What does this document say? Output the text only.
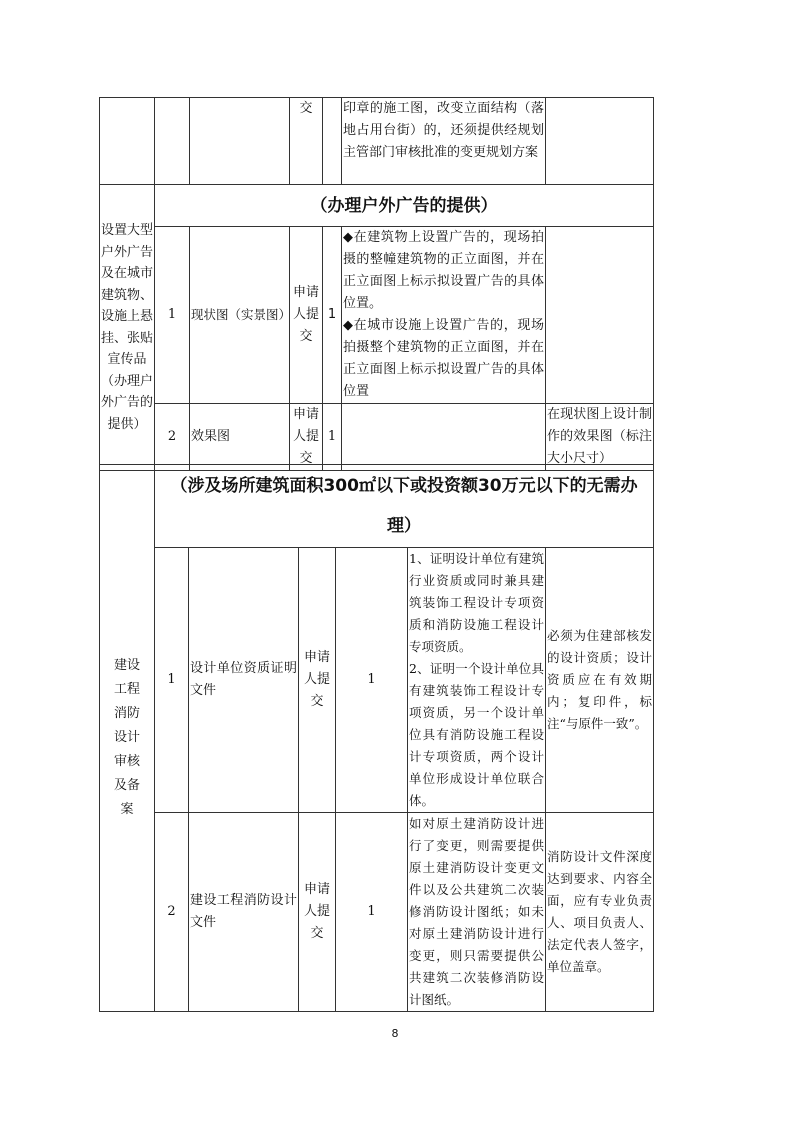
			交		印章的施工图，改变立面结构（落地占用台街）的，还须提供经规划主管部门审核批准的变更规划方案	
设置大型户外广告及在城市建筑物、设施上悬挂、张贴宣传品（办理户外广告的提供）	（办理户外广告的提供）					
	1	现状图（实景图）	申请人提交	1	◆在建筑物上设置广告的，现场拍摄的整幢建筑物的正立面图，并在正立面图上标示拟设置广告的具体位置。
◆在城市设施上设置广告的，现场拍摄整个建筑物的正立面图，并在正立面图上标示拟设置广告的具体位置	

	2	效果图	申请人提交	1		在现状图上设计制作的效果图（标注大小尺寸）
建设工程消防设计审核及备案	（涉及场所建筑面积300㎡以下或投资额30万元以下的无需办理）					
	1	设计单位资质证明文件	申请人提交	1	1、证明设计单位有建筑行业资质或同时兼具建筑装饰工程设计专项资质和消防设施工程设计专项资质。
2、证明一个设计单位具有建筑装饰工程设计专项资质，另一个设计单位具有消防设施工程设计专项资质，两个设计单位形成设计单位联合体。	必须为住建部核发的设计资质；设计资质应在有效期内；复印件，标注“与原件一致”。
	2	建设工程消防设计文件	申请人提交	1	如对原土建消防设计进行了变更，则需要提供原土建消防设计变更文件以及公共建筑二次装修消防设计图纸；如未对原土建消防设计进行变更，则只需要提供公共建筑二次装修消防设计图纸。	消防设计文件深度达到要求、内容全面，应有专业负责人、项目负责人、法定代表人签字，单位盖章。
8
